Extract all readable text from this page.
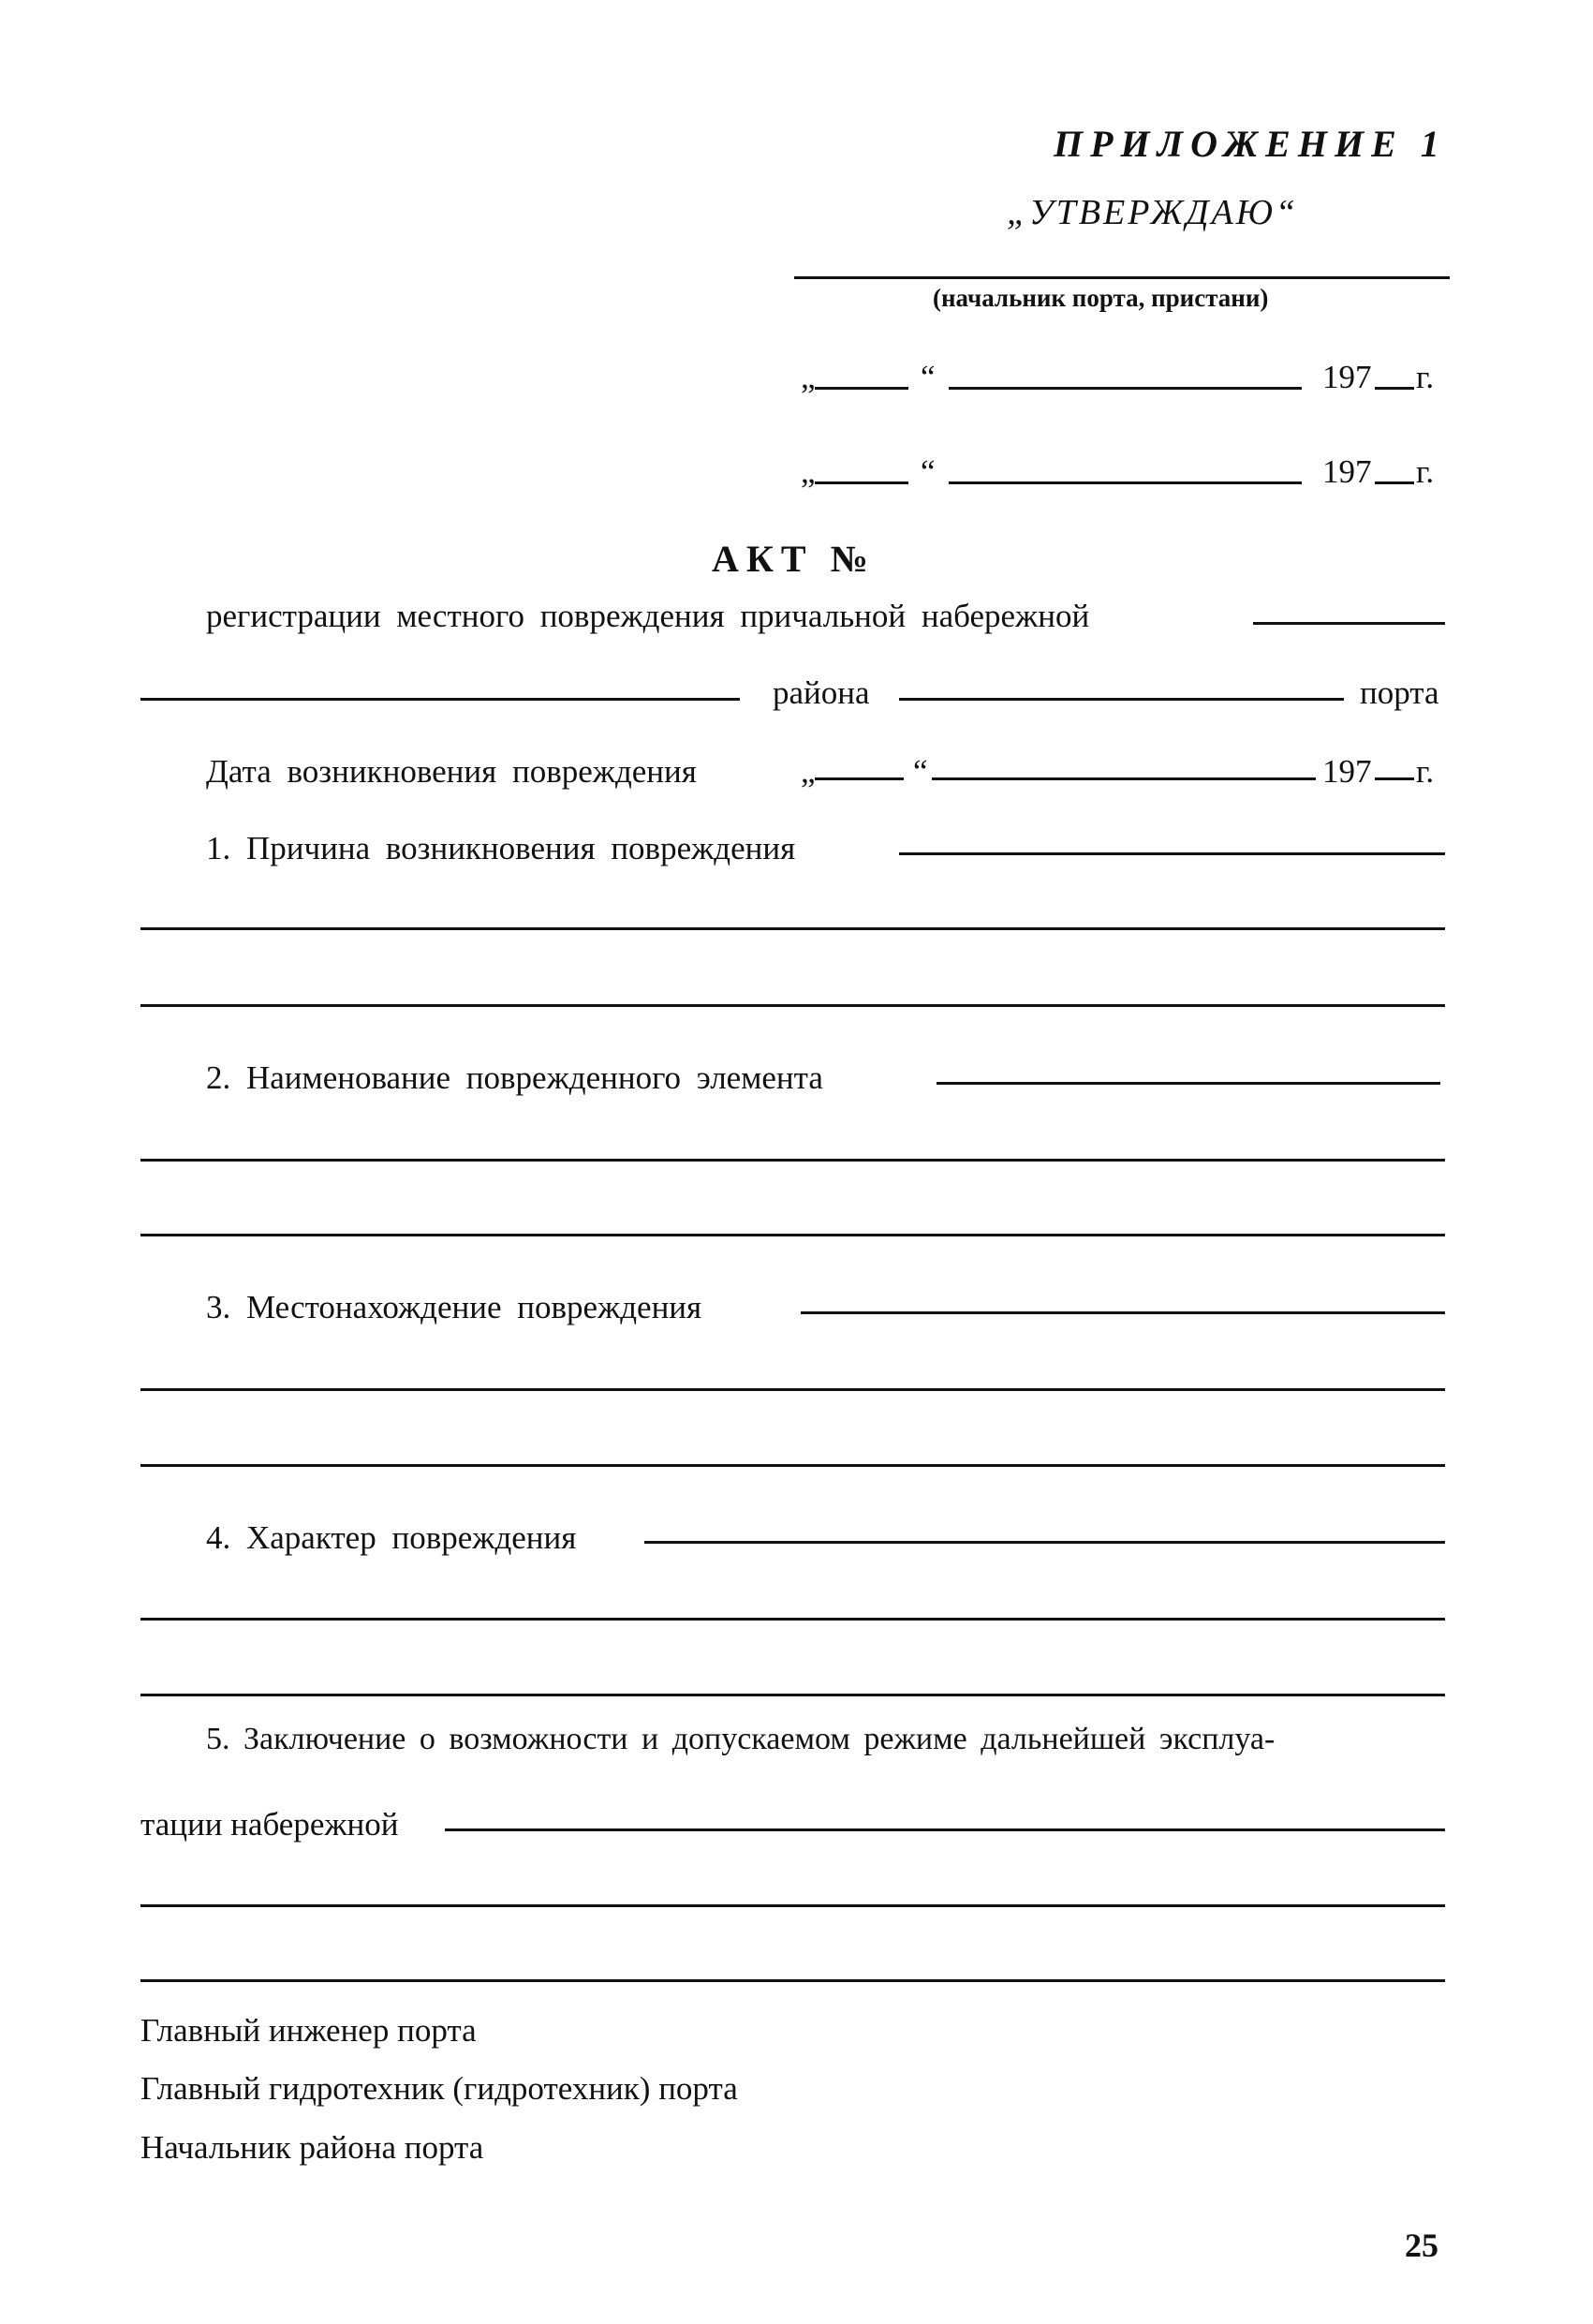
ПРИЛОЖЕНИЕ 1
„УТВЕРЖДАЮ“
(начальник порта, пристани)
„	“	197 г.
„	“	197 г.
АКТ №
регистрации местного повреждения причальной набережной
района	порта
Дата возникновения повреждения	„	“	197 г.
1. Причина возникновения повреждения
2. Наименование поврежденного элемента
3. Местонахождение повреждения
4. Характер повреждения
5. Заключение о возможности и допускаемом режиме дальнейшей эксплуа-
тации набережной
Главный инженер порта
Главный гидротехник (гидротехник) порта
Начальник района порта
25
